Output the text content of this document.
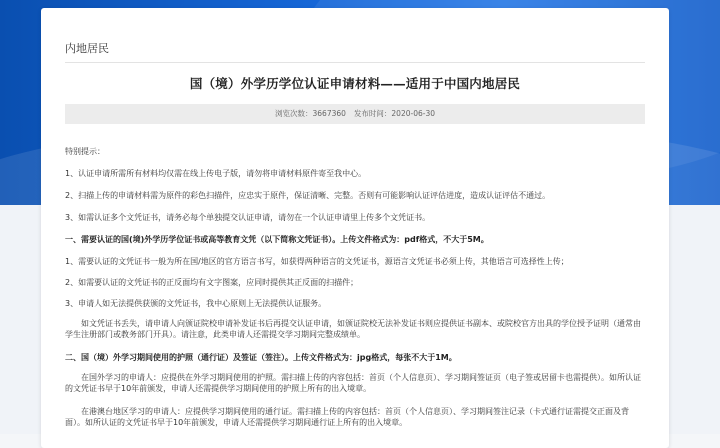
内地居民
国（境）外学历学位认证申请材料——适用于中国内地居民
浏览次数：3667360 发布时间：2020-06-30

特别提示：

1、认证申请所需所有材料均仅需在线上传电子版，请勿将申请材料原件寄至我中心。

2、扫描上传的申请材料需为原件的彩色扫描件，应忠实于原件，保证清晰、完整。否则有可能影响认证评估进度，造成认证评估不通过。

3、如需认证多个文凭证书，请务必每个单独提交认证申请，请勿在一个认证申请里上传多个文凭证书。

一、需要认证的国(境)外学历学位证书或高等教育文凭（以下简称文凭证书）。上传文件格式为：pdf格式，不大于5M。

1、需要认证的文凭证书一般为所在国/地区的官方语言书写，如获得两种语言的文凭证书，源语言文凭证书必须上传，其他语言可选择性上传；

2、如需要认证的文凭证书的正反面均有文字图案，应同时提供其正反面的扫描件；

3、申请人如无法提供获颁的文凭证书，我中心原则上无法提供认证服务。

如文凭证书丢失，请申请人向颁证院校申请补发证书后再提交认证申请，如颁证院校无法补发证书则应提供证书副本、或院校官方出具的学位授予证明（通常由学生注册部门或教务部门开具）。请注意，此类申请人还需提交学习期间完整成绩单。

二、国（境）外学习期间使用的护照（通行证）及签证（签注）。上传文件格式为：jpg格式，每张不大于1M。

在国外学习的申请人：应提供在外学习期间使用的护照。需扫描上传的内容包括：首页（个人信息页）、学习期间签证页（电子签或居留卡也需提供）。如所认证的文凭证书早于10年前颁发，申请人还需提供学习期间使用的护照上所有的出入境章。

在港澳台地区学习的申请人：应提供学习期间使用的通行证。需扫描上传的内容包括：首页（个人信息页）、学习期间签注记录（卡式通行证需提交正面及背面）。如所认证的文凭证书早于10年前颁发，申请人还需提供学习期间通行证上所有的出入境章。
